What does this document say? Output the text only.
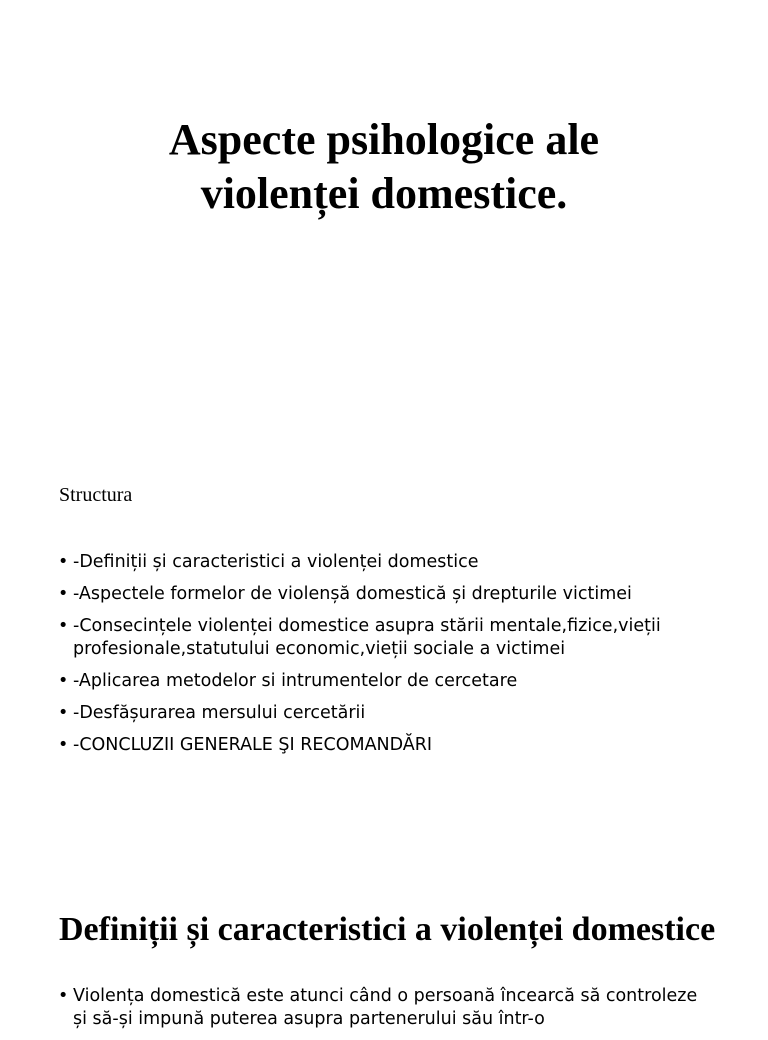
Aspecte psihologice ale
violenței domestice.

Structura

• -Definiții și caracteristici a violenței domestice
• -Aspectele formelor de violenșă domestică și drepturile victimei
• -Consecințele violenței domestice asupra stării mentale,fizice,vieții profesionale,statutului economic,vieții sociale a victimei
• -Aplicarea metodelor si intrumentelor de cercetare
• -Desfășurarea mersului cercetării
• -CONCLUZII GENERALE ŞI RECOMANDĂRI
Definiții și caracteristici a violenței domestice
• Violența domestică este atunci când o persoană încearcă să controleze și să-și impună puterea asupra partenerului său într-o
